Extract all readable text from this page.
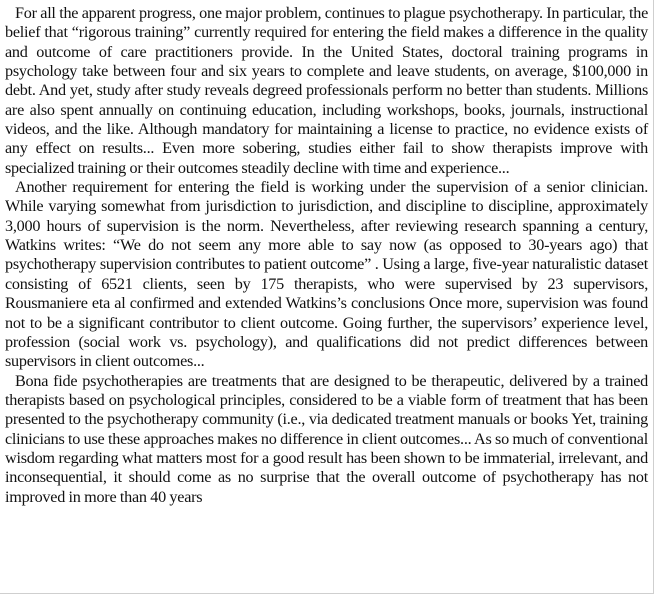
For all the apparent progress, one major problem, continues to plague psychotherapy. In particular, the belief that “rigorous training” currently required for entering the field makes a difference in the quality and outcome of care practitioners provide. In the United States, doctoral training programs in psychology take between four and six years to complete and leave students, on average, $100,000 in debt. And yet, study after study reveals degreed professionals perform no better than students. Millions are also spent annually on continuing education, including workshops, books, journals, instructional videos, and the like. Although mandatory for maintaining a license to practice, no evidence exists of any effect on results... Even more sobering, studies either fail to show therapists improve with specialized training or their outcomes steadily decline with time and experience...

Another requirement for entering the field is working under the supervision of a senior clinician. While varying somewhat from jurisdiction to jurisdiction, and discipline to discipline, approximately 3,000 hours of supervision is the norm. Nevertheless, after reviewing research spanning a century, Watkins writes: “We do not seem any more able to say now (as opposed to 30-years ago) that psychotherapy supervision contributes to patient outcome” . Using a large, five-year naturalistic dataset consisting of 6521 clients, seen by 175 therapists, who were supervised by 23 supervisors, Rousmaniere eta al confirmed and extended Watkins’s conclusions Once more, supervision was found not to be a significant contributor to client outcome. Going further, the supervisors’ experience level, profession (social work vs. psychology), and qualifications did not predict differences between supervisors in client outcomes...

Bona fide psychotherapies are treatments that are designed to be therapeutic, delivered by a trained therapists based on psychological principles, considered to be a viable form of treatment that has been presented to the psychotherapy community (i.e., via dedicated treatment manuals or books Yet, training clinicians to use these approaches makes no difference in client outcomes... As so much of conventional wisdom regarding what matters most for a good result has been shown to be immaterial, irrelevant, and inconsequential, it should come as no surprise that the overall outcome of psychotherapy has not improved in more than 40 years
